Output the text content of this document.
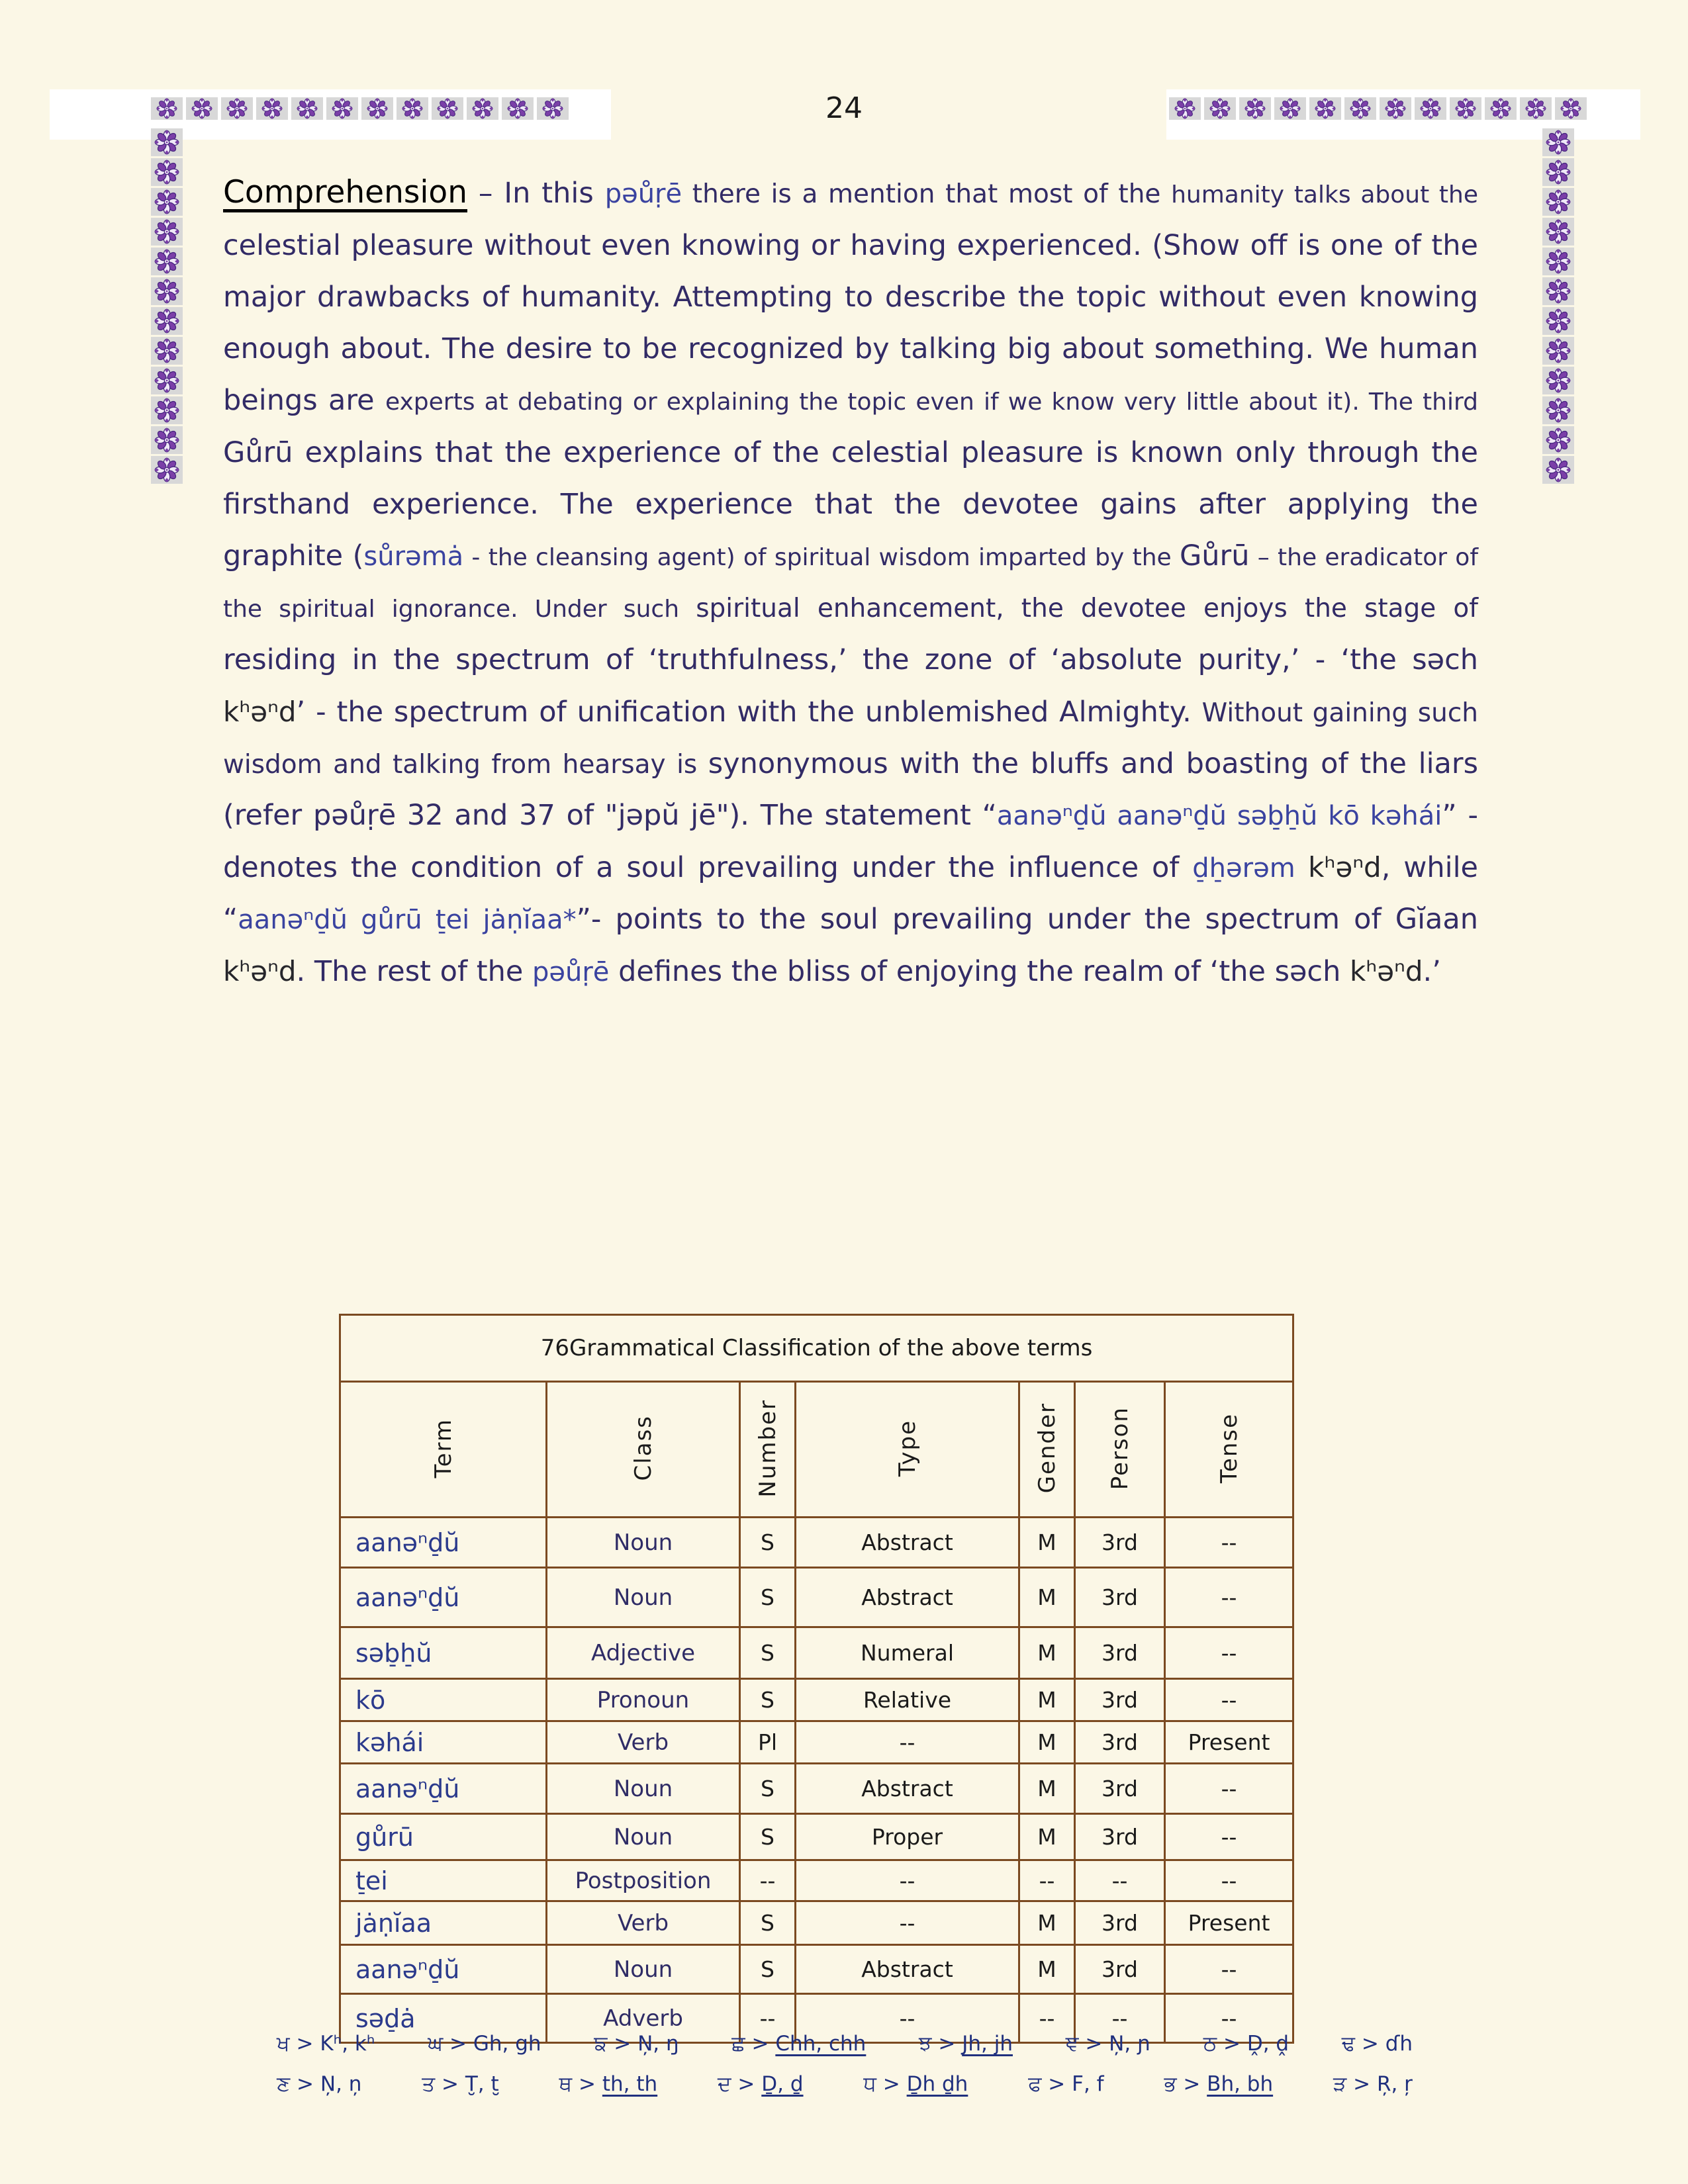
24
Comprehension – In this pəůṛē there is a mention that most of the humanity talks about the celestial pleasure without even knowing or having experienced. (Show off is one of the major drawbacks of humanity. Attempting to describe the topic without even knowing enough about. The desire to be recognized by talking big about something. We human beings are experts at debating or explaining the topic even if we know very little about it). The third Gůrū explains that the experience of the celestial pleasure is known only through the firsthand experience. The experience that the devotee gains after applying the graphite (sůrəmȧ - the cleansing agent) of spiritual wisdom imparted by the Gůrū – the eradicator of the spiritual ignorance. Under such spiritual enhancement, the devotee enjoys the stage of residing in the spectrum of ‘truthfulness,’ the zone of ‘absolute purity,’ - ‘the səch kʰəⁿd’ - the spectrum of unification with the unblemished Almighty. Without gaining such wisdom and talking from hearsay is synonymous with the bluffs and boasting of the liars (refer pəůṛē 32 and 37 of "jəpŭ jē"). The statement “aanəⁿd̠ŭ aanəⁿd̠ŭ səb̠h̠ŭ kō kəhái” - denotes the condition of a soul prevailing under the influence of d̠h̠ərəm kʰəⁿd, while “aanəⁿd̠ŭ gůrū t̠ei jȧṇĭaa*”- points to the soul prevailing under the spectrum of Gĭaan kʰəⁿd. The rest of the pəůṛē defines the bliss of enjoying the realm of ‘the səch kʰəⁿd.’
76Grammatical Classification of the above terms						
Term	Class	Number	Type	Gender	Person	Tense
aanəⁿd̠ŭ	Noun	S	Abstract	M	3rd	--
aanəⁿd̠ŭ	Noun	S	Abstract	M	3rd	--
səb̠h̠ŭ	Adjective	S	Numeral	M	3rd	--
kō	Pronoun	S	Relative	M	3rd	--
kəhái	Verb	Pl	--	M	3rd	Present
aanəⁿd̠ŭ	Noun	S	Abstract	M	3rd	--
gůrū	Noun	S	Proper	M	3rd	--
t̠ei	Postposition	--	--	--	--	--
jȧṇĭaa	Verb	S	--	M	3rd	Present
aanəⁿd̠ŭ	Noun	S	Abstract	M	3rd	--
səd̠ȧ	Adverb	--	--	--	--	--
ਖ > Kʰ, kʰ	ਘ > Gh, gh	ਙ > Ņ, ŋ	ਛ > Chh, chh	ਝ > Jh, jh	ਞ > Ņ, ɲ	ਠ > Ḓ, ḓ	ਢ > ɗh
ਣ > Ņ, ņ	ਤ > T̮, t̮	ਥ > th, th	ਦ > Ḏ, ḏ	ਧ > Ḏh ḏh	ਫ > F, f	ਭ > Bh, bh	ੜ > Ŗ, ŗ
